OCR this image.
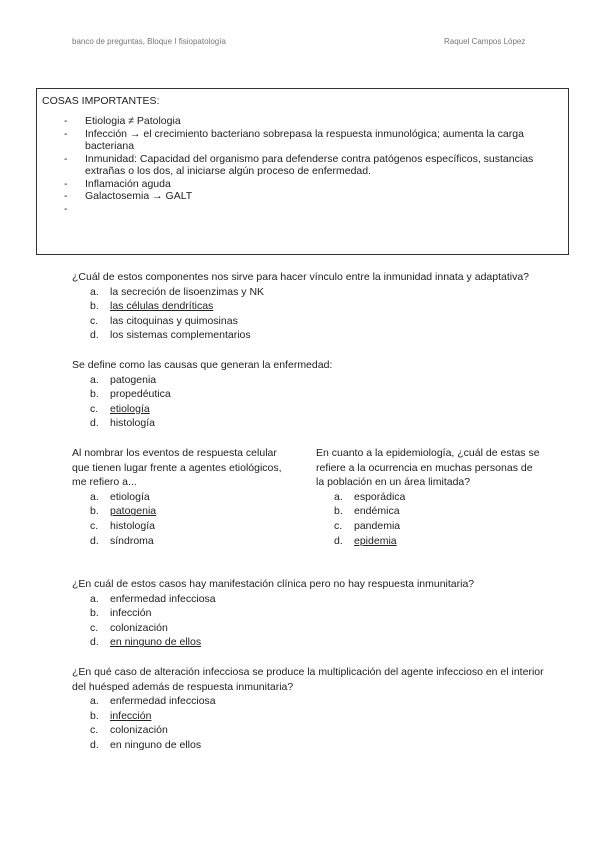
banco de preguntas, Bloque I fisiopatología	Raquel Campos López
COSAS IMPORTANTES:
- Etiologia ≠ Patologia
- Infección → el crecimiento bacteriano sobrepasa la respuesta inmunológica; aumenta la carga bacteriana
- Inmunidad: Capacidad del organismo para defenderse contra patógenos específicos, sustancias extrañas o los dos, al iniciarse algún proceso de enfermedad.
- Inflamación aguda
- Galactosemia → GALT
-

¿Cuál de estos componentes nos sirve para hacer vínculo entre la inmunidad innata y adaptativa?

a.	la secreción de lisoenzimas y NK
b.	las células dendríticas
c.	las citoquinas y quimosinas
d.	los sistemas complementarios

Se define como las causas que generan la enfermedad:

a.	patogenia
b.	propedéutica
c.	etiología
d.	histología

Al nombrar los eventos de respuesta celular que tienen lugar frente a agentes etiológicos, me refiero a...

a.	etiología
b.	patogenia
c.	histología
d.	síndroma

En cuanto a la epidemiología, ¿cuál de estas se refiere a la ocurrencia en muchas personas de la población en un área limitada?

a.	esporádica
b.	endémica
c.	pandemia
d.	epidemia

¿En cuál de estos casos hay manifestación clínica pero no hay respuesta inmunitaria?

a.	enfermedad infecciosa
b.	infección
c.	colonización
d.	en ninguno de ellos

¿En qué caso de alteración infecciosa se produce la multiplicación del agente infeccioso en el interior del huésped además de respuesta inmunitaria?

a.	enfermedad infecciosa
b.	infección
c.	colonización
d.	en ninguno de ellos
